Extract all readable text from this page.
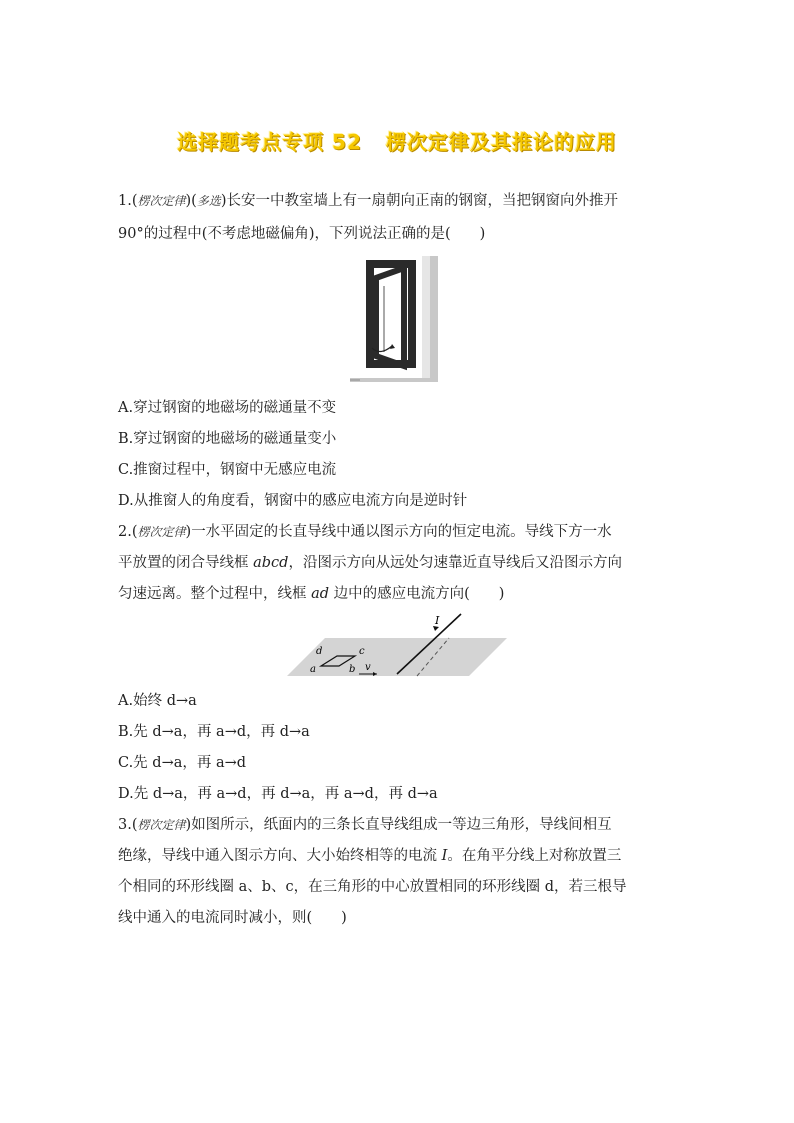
选择题考点专项 52 楞次定律及其推论的应用
1.(楞次定律)(多选)长安一中教室墙上有一扇朝向正南的钢窗，当把钢窗向外推开
90°的过程中(不考虑地磁偏角)，下列说法正确的是(　　)
A.穿过钢窗的地磁场的磁通量不变
B.穿过钢窗的地磁场的磁通量变小
C.推窗过程中，钢窗中无感应电流
D.从推窗人的角度看，钢窗中的感应电流方向是逆时针
2.(楞次定律)一水平固定的长直导线中通以图示方向的恒定电流。导线下方一水
平放置的闭合导线框 abcd，沿图示方向从远处匀速靠近直导线后又沿图示方向
匀速远离。整个过程中，线框 ad 边中的感应电流方向(　　)
I
d	c
a	b v
A.始终 d→a
B.先 d→a，再 a→d，再 d→a
C.先 d→a，再 a→d
D.先 d→a，再 a→d，再 d→a，再 a→d，再 d→a
3.(楞次定律)如图所示，纸面内的三条长直导线组成一等边三角形，导线间相互
绝缘，导线中通入图示方向、大小始终相等的电流 I。在角平分线上对称放置三
个相同的环形线圈 a、b、c，在三角形的中心放置相同的环形线圈 d，若三根导
线中通入的电流同时减小，则(　　)
